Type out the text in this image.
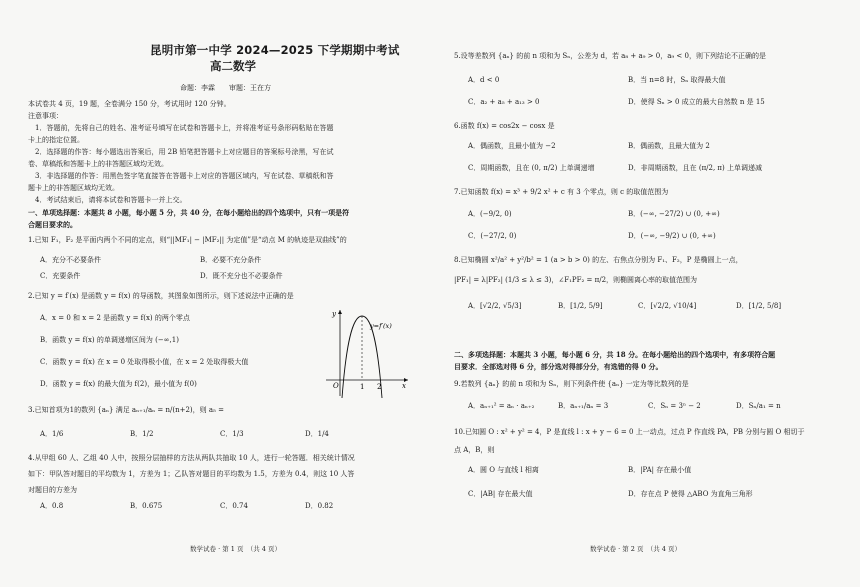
昆明市第一中学 2024—2025 下学期期中考试
高二数学
命题：李霖　　审题：王在方
本试卷共 4 页，19 题，全卷满分 150 分，考试用时 120 分钟。
注意事项：
　1．答题前，先将自己的姓名、准考证号填写在试卷和答题卡上，并将准考证号条形码粘贴在答题
卡上的指定位置。
　2．选择题的作答：每小题选出答案后，用 2B 铅笔把答题卡上对应题目的答案标号涂黑，写在试
卷、草稿纸和答题卡上的非答题区域均无效。
　3．非选择题的作答：用黑色签字笔直接答在答题卡上对应的答题区域内，写在试卷、草稿纸和答
题卡上的非答题区域均无效。
　4．考试结束后，请将本试卷和答题卡一并上交。
一、单项选择题：本题共 8 小题，每小题 5 分，共 40 分，在每小题给出的四个选项中，只有一项是符
合题目要求的。
1.已知 F₁，F₂ 是平面内两个不同的定点，则“||MF₁| − |MF₂|| 为定值”是“动点 M 的轨迹是双曲线”的
A．充分不必要条件	B．必要不充分条件
C．充要条件	D．既不充分也不必要条件
2.已知 y = f′(x) 是函数 y = f(x) 的导函数，其图象如图所示，则下述说法中正确的是
A．x = 0 和 x = 2 是函数 y = f(x) 的两个零点
B．函数 y = f(x) 的单调递增区间为 (−∞,1)
C．函数 y = f(x) 在 x = 0 处取得极小值，在 x = 2 处取得极大值
D．函数 y = f(x) 的最大值为 f(2)，最小值为 f(0)	O	1 2	x
y
y=f′(x)
3.已知首项为1的数列 {aₙ} 满足 aₙ₊₁/aₙ = n/(n+2)，则 a₅ =
A．1/6	B．1/2	C．1/3	D．1/4
4.从甲组 60 人、乙组 40 人中，按照分层抽样的方法从两队共抽取 10 人，进行一轮答题．相关统计情况
如下：甲队答对题目的平均数为 1，方差为 1；乙队答对题目的平均数为 1.5，方差为 0.4，则这 10 人答
对题目的方差为
A．0.8	B．0.675	C．0.74	D．0.82
数学试卷 · 第 1 页　（共 4 页）
5.设等差数列 {aₙ} 的前 n 项和为 Sₙ，公差为 d，若 a₈ + a₉ > 0，a₉ < 0，则下列结论不正确的是
A．d < 0	B．当 n=8 时，Sₙ 取得最大值
C．a₂ + a₅ + a₁₃ > 0	D．使得 Sₙ > 0 成立的最大自然数 n 是 15
6.函数 f(x) = cos2x − cosx 是
A．偶函数，且最小值为 −2	B．偶函数，且最大值为 2
C．周期函数，且在 (0, π/2) 上单调递增	D．非周期函数，且在 (π/2, π) 上单调递减
7.已知函数 f(x) = x³ + 9/2 x² + c 有 3 个零点，则 c 的取值范围为
A．(−9/2, 0)	B．(−∞, −27/2) ∪ (0, +∞)
C．(−27/2, 0)	D．(−∞, −9/2) ∪ (0, +∞)
8.已知椭圆 x²/a² + y²/b² = 1 (a > b > 0) 的左、右焦点分别为 F₁、F₂，P 是椭圆上一点，
|PF₁| = λ|PF₂| (1/3 ≤ λ ≤ 3)，∠F₁PF₂ = π/2，则椭圆离心率的取值范围为
A．[√2/2, √5/3]	B．[1/2, 5/9]	C．[√2/2, √10/4]	D．[1/2, 5/8]
二、多项选择题：本题共 3 小题，每小题 6 分，共 18 分。在每小题给出的四个选项中，有多项符合题
目要求．全部选对得 6 分，部分选对得部分分，有选错的得 0 分。
9.若数列 {aₙ} 的前 n 项和为 Sₙ，则下列条件使 {aₙ} 一定为等比数列的是
A．aₙ₊₁² = aₙ · aₙ₊₂	B．aₙ₊₁/aₙ = 3	C．Sₙ = 3ⁿ − 2	D．Sₙ/a₁ = n
10.已知圆 O : x² + y² = 4，P 是直线 l : x + y − 6 = 0 上一动点，过点 P 作直线 PA，PB 分别与圆 O 相切于
点 A，B，则
A．圆 O 与直线 l 相离	B．|PA| 存在最小值
C．|AB| 存在最大值	D．存在点 P 使得 △ABO 为直角三角形
数学试卷 · 第 2 页　（共 4 页）
